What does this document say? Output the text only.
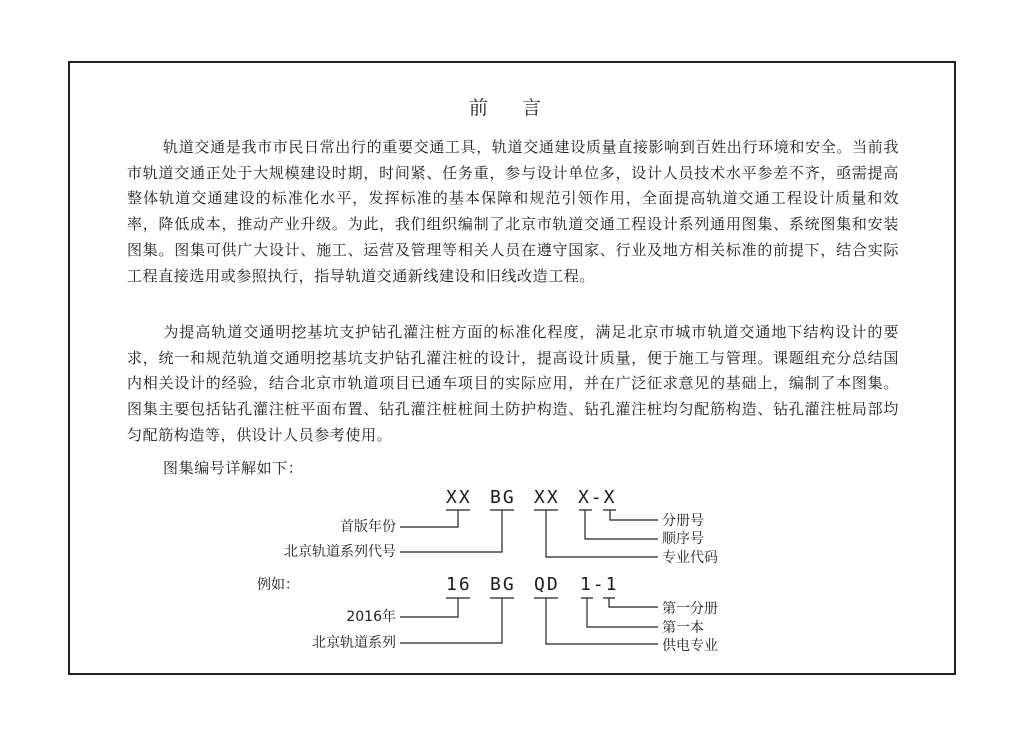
前 言
轨道交通是我市市民日常出行的重要交通工具，轨道交通建设质量直接影响到百姓出行环境和安全。当前我市轨道交通正处于大规模建设时期，时间紧、任务重，参与设计单位多，设计人员技术水平参差不齐，亟需提高整体轨道交通建设的标准化水平，发挥标准的基本保障和规范引领作用，全面提高轨道交通工程设计质量和效率，降低成本，推动产业升级。为此，我们组织编制了北京市轨道交通工程设计系列通用图集、系统图集和安装图集。图集可供广大设计、施工、运营及管理等相关人员在遵守国家、行业及地方相关标准的前提下，结合实际工程直接选用或参照执行，指导轨道交通新线建设和旧线改造工程。
为提高轨道交通明挖基坑支护钻孔灌注桩方面的标准化程度，满足北京市城市轨道交通地下结构设计的要求，统一和规范轨道交通明挖基坑支护钻孔灌注桩的设计，提高设计质量，便于施工与管理。课题组充分总结国内相关设计的经验，结合北京市轨道项目已通车项目的实际应用，并在广泛征求意见的基础上，编制了本图集。图集主要包括钻孔灌注桩平面布置、钻孔灌注桩桩间土防护构造、钻孔灌注桩均匀配筋构造、钻孔灌注桩局部均匀配筋构造等，供设计人员参考使用。
图集编号详解如下：
XX BG XX X-X
首版年份
北京轨道系列代号
分册号
顺序号
专业代码
例如：	16 BG QD 1-1
2016年
北京轨道系列
第一分册
第一本
供电专业
